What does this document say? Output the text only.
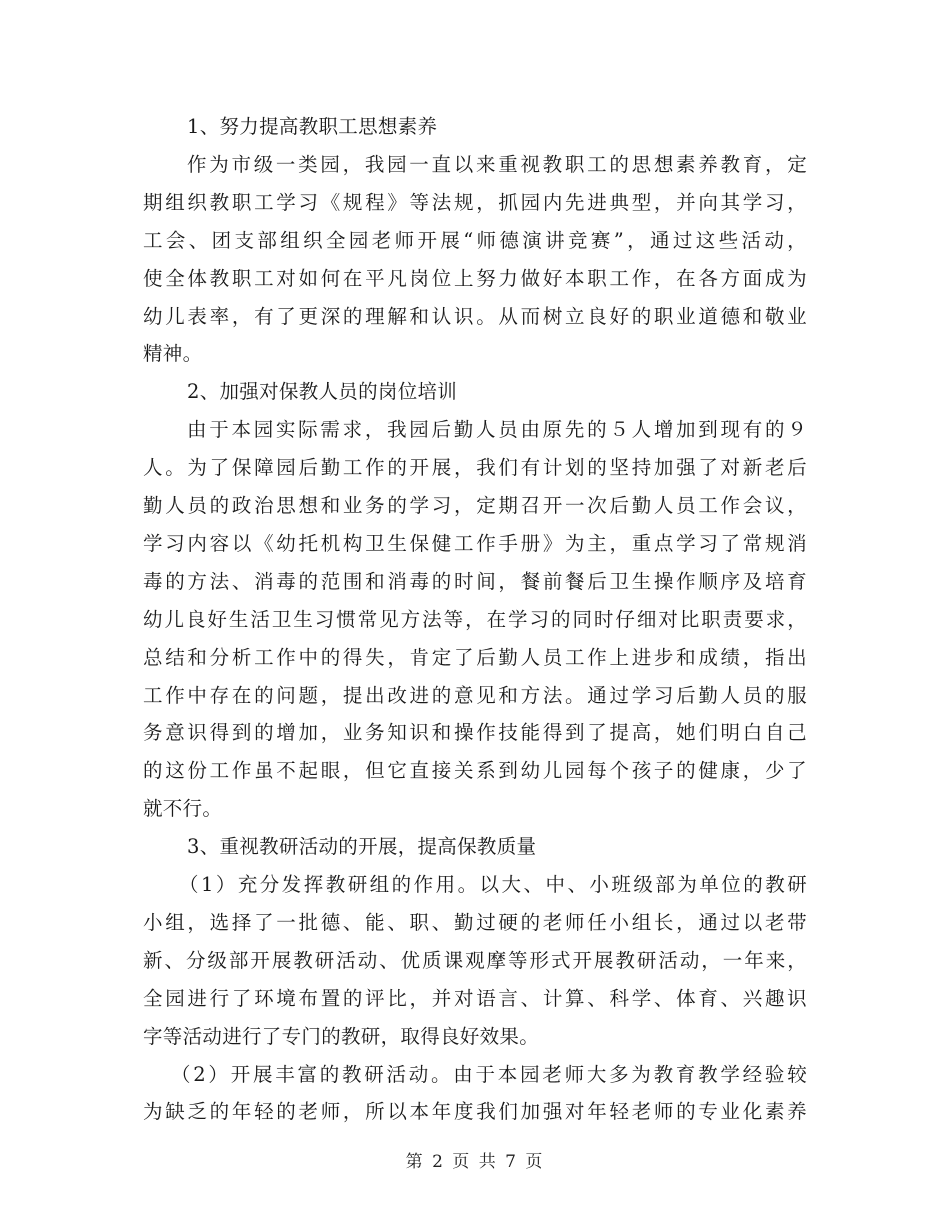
1、努力提高教职工思想素养
作为市级一类园，我园一直以来重视教职工的思想素养教育，定
期组织教职工学习《规程》等法规，抓园内先进典型，并向其学习，
工会、团支部组织全园老师开展“师德演讲竞赛”，通过这些活动，
使全体教职工对如何在平凡岗位上努力做好本职工作，在各方面成为
幼儿表率，有了更深的理解和认识。从而树立良好的职业道德和敬业
精神。
2、加强对保教人员的岗位培训
由于本园实际需求，我园后勤人员由原先的５人增加到现有的９
人。为了保障园后勤工作的开展，我们有计划的坚持加强了对新老后
勤人员的政治思想和业务的学习，定期召开一次后勤人员工作会议，
学习内容以《幼托机构卫生保健工作手册》为主，重点学习了常规消
毒的方法、消毒的范围和消毒的时间，餐前餐后卫生操作顺序及培育
幼儿良好生活卫生习惯常见方法等，在学习的同时仔细对比职责要求，
总结和分析工作中的得失，肯定了后勤人员工作上进步和成绩，指出
工作中存在的问题，提出改进的意见和方法。通过学习后勤人员的服
务意识得到的增加，业务知识和操作技能得到了提高，她们明白自己
的这份工作虽不起眼，但它直接关系到幼儿园每个孩子的健康，少了
就不行。
3、重视教研活动的开展，提高保教质量
（1）充分发挥教研组的作用。以大、中、小班级部为单位的教研
小组，选择了一批德、能、职、勤过硬的老师任小组长，通过以老带
新、分级部开展教研活动、优质课观摩等形式开展教研活动，一年来，
全园进行了环境布置的评比，并对语言、计算、科学、体育、兴趣识
字等活动进行了专门的教研，取得良好效果。
（2）开展丰富的教研活动。由于本园老师大多为教育教学经验较
为缺乏的年轻的老师，所以本年度我们加强对年轻老师的专业化素养
第 2 页 共 7 页
